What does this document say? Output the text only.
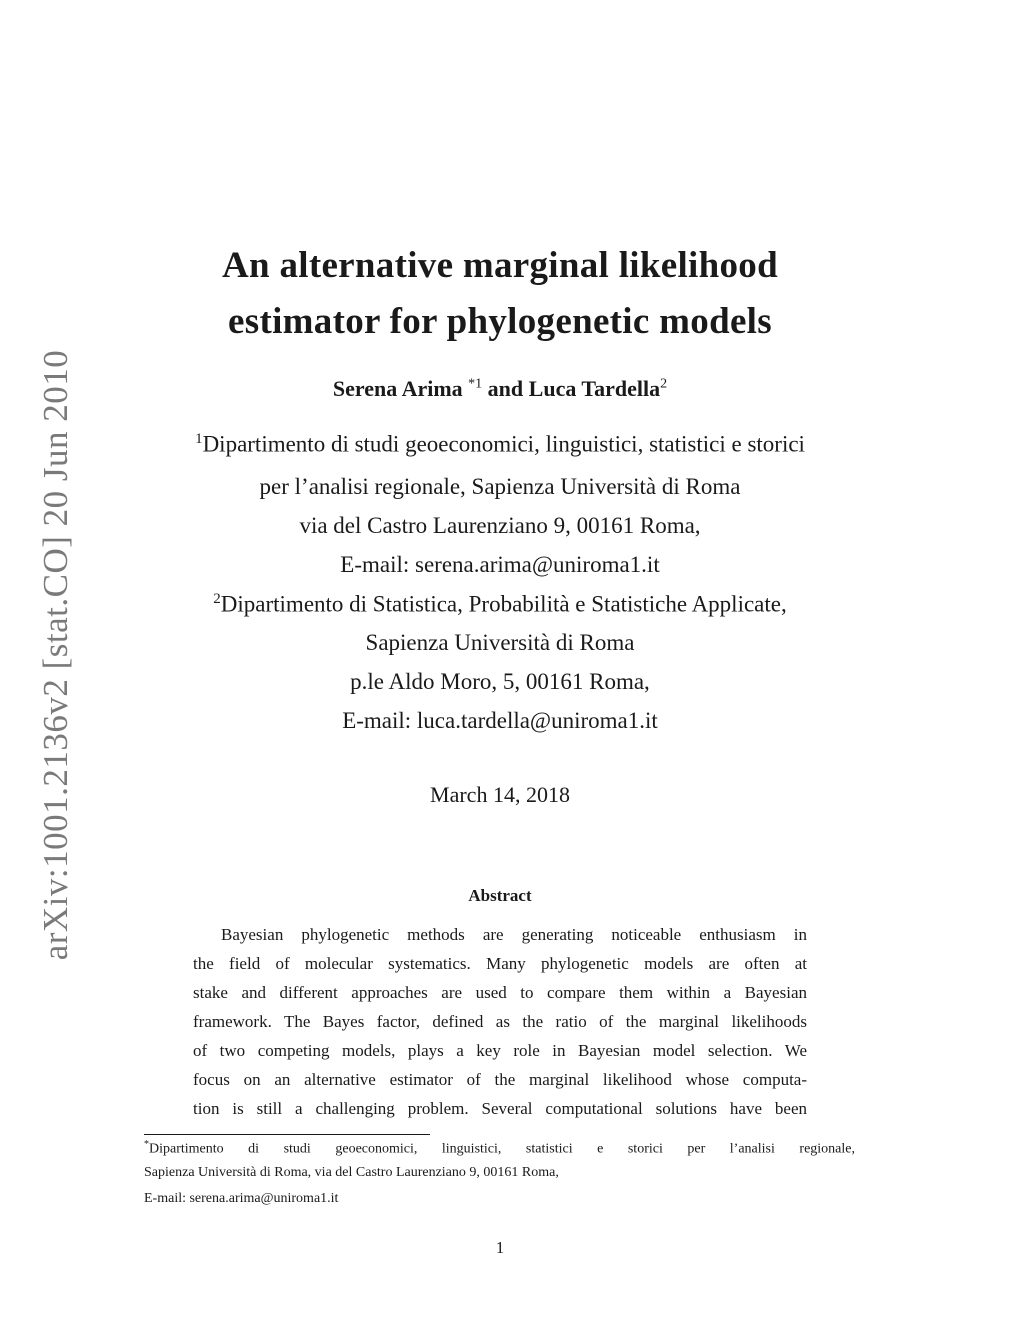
arXiv:1001.2136v2 [stat.CO] 20 Jun 2010
An alternative marginal likelihood
estimator for phylogenetic models
Serena Arima $^{*1}$ and Luca Tardella$^2$
$^1$Dipartimento di studi geoeconomici, linguistici, statistici e storici
per l’analisi regionale, Sapienza Università di Roma
via del Castro Laurenziano 9, 00161 Roma,
E-mail: serena.arima@uniroma1.it
$^2$Dipartimento di Statistica, Probabilità e Statistiche Applicate,
Sapienza Università di Roma
p.le Aldo Moro, 5, 00161 Roma,
E-mail: luca.tardella@uniroma1.it
March 14, 2018
Abstract
Bayesian phylogenetic methods are generating noticeable enthusiasm in
the field of molecular systematics. Many phylogenetic models are often at
stake and different approaches are used to compare them within a Bayesian
framework. The Bayes factor, defined as the ratio of the marginal likelihoods
of two competing models, plays a key role in Bayesian model selection. We
focus on an alternative estimator of the marginal likelihood whose computa-
tion is still a challenging problem. Several computational solutions have been
*Dipartimento di studi geoeconomici, linguistici, statistici e storici per l’analisi regionale,
Sapienza Università di Roma, via del Castro Laurenziano 9, 00161 Roma,
E-mail: serena.arima@uniroma1.it
1
